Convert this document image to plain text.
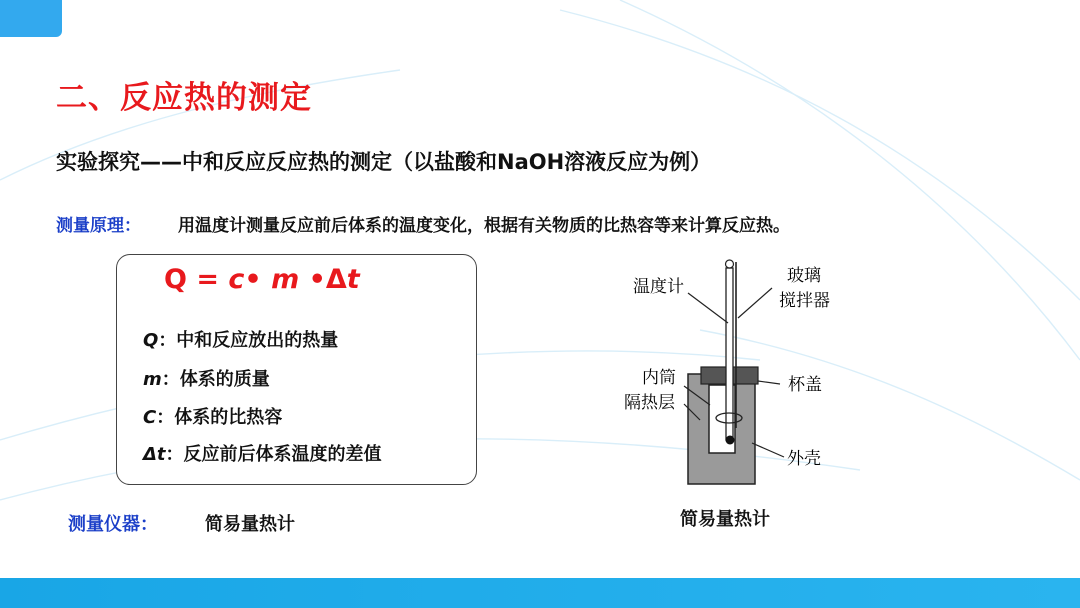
二、反应热的测定
实验探究——中和反应反应热的测定（以盐酸和NaOH溶液反应为例）
测量原理： 用温度计测量反应前后体系的温度变化，根据有关物质的比热容等来计算反应热。
Q = c• m •Δt
Q：中和反应放出的热量
m：体系的质量
C：体系的比热容
Δt：反应前后体系温度的差值
测量仪器：	简易量热计
温度计
玻璃
搅拌器
内筒
隔热层
杯盖
外壳
简易量热计
